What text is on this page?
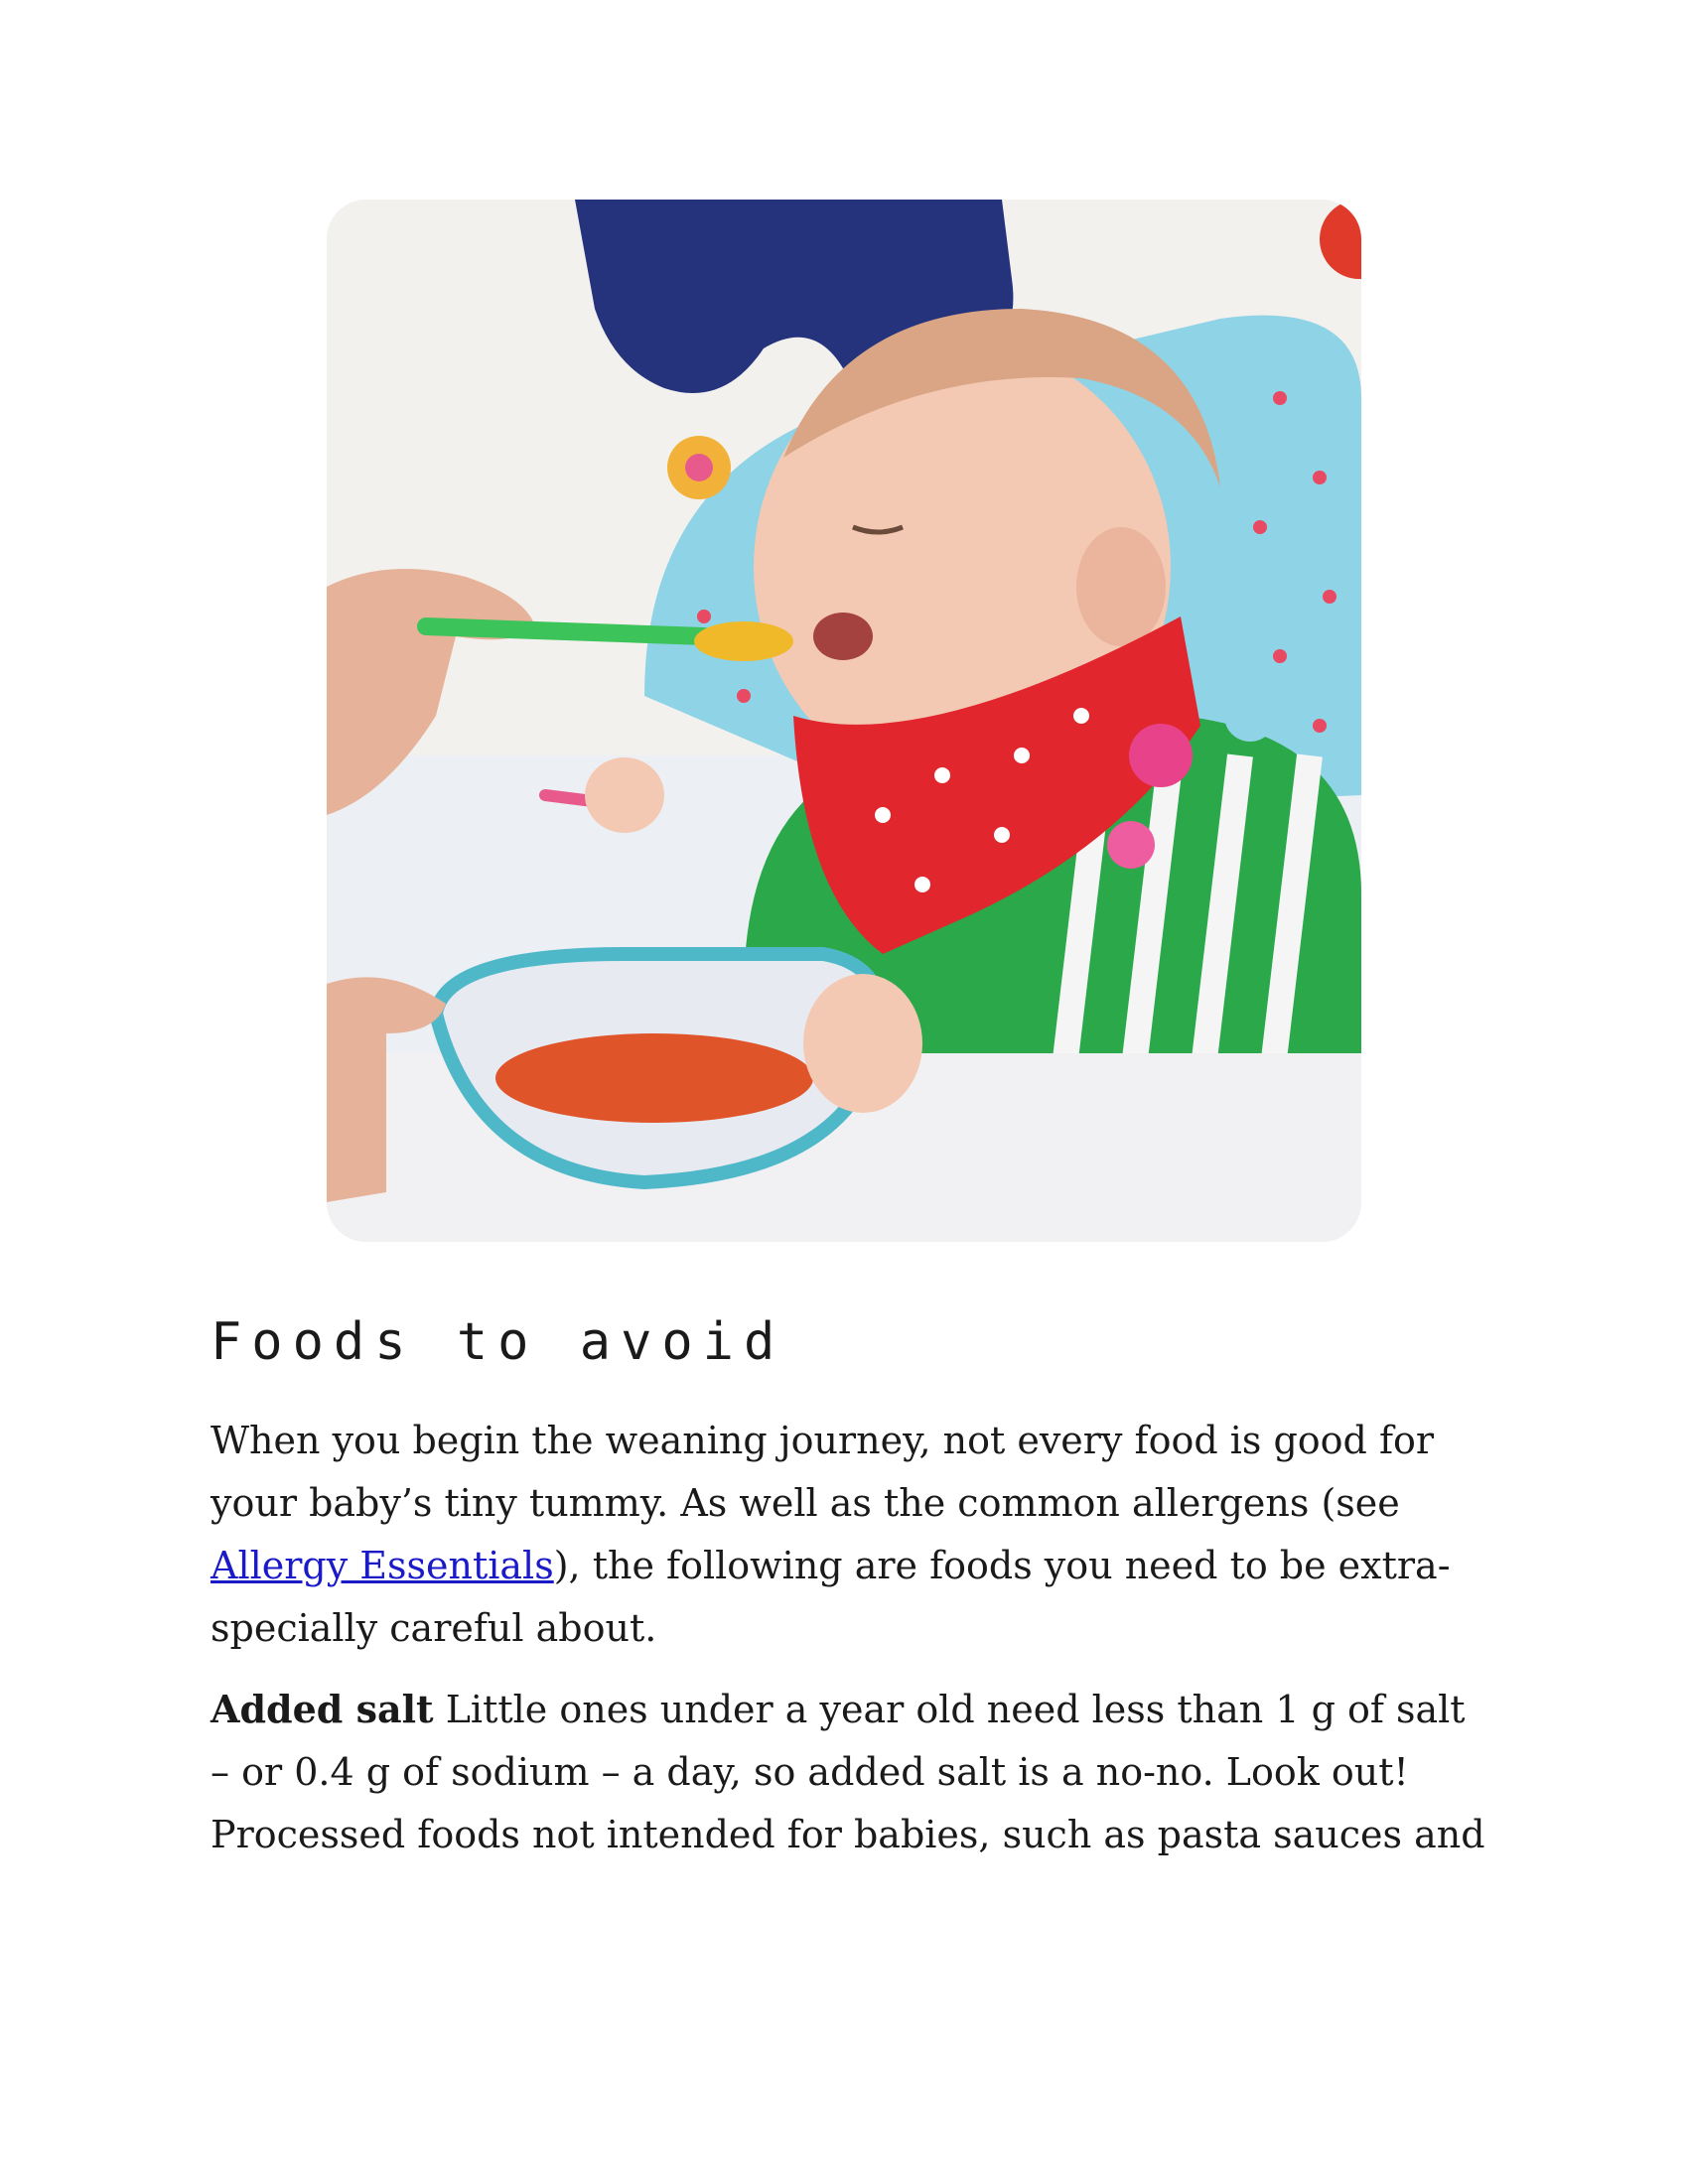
Foods to avoid

When you begin the weaning journey, not every food is good for your baby’s tiny tummy. As well as the common allergens (see Allergy Essentials), the following are foods you need to be extra-specially careful about.

Added salt Little ones under a year old need less than 1 g of salt – or 0.4 g of sodium – a day, so added salt is a no-no. Look out! Processed foods not intended for babies, such as pasta sauces and
